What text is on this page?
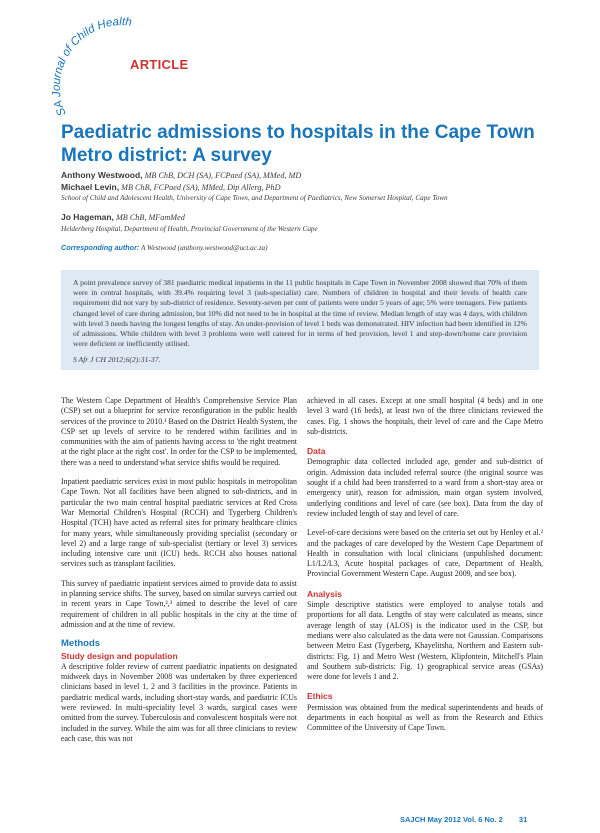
SA Journal of Child Health
ARTICLE
Paediatric admissions to hospitals in the Cape Town Metro district: A survey
Anthony Westwood, MB ChB, DCH (SA), FCPaed (SA), MMed, MD
Michael Levin, MB ChB, FCPaed (SA), MMed, Dip Allerg, PhD
School of Child and Adolescent Health, University of Cape Town, and Department of Paediatrics, New Somerset Hospital, Cape Town
Jo Hageman, MB ChB, MFamMed
Helderberg Hospital, Department of Health, Provincial Government of the Western Cape
Corresponding author: A Westwood (anthony.westwood@uct.ac.za)
A point prevalence survey of 381 paediatric medical inpatients in the 11 public hospitals in Cape Town in November 2008 showed that 70% of them were in central hospitals, with 39.4% requiring level 3 (sub-specialist) care. Numbers of children in hospital and their levels of health care requirement did not vary by sub-district of residence. Seventy-seven per cent of patients were under 5 years of age; 5% were teenagers. Few patients changed level of care during admission, but 10% did not need to be in hospital at the time of review. Median length of stay was 4 days, with children with level 3 needs having the longest lengths of stay. An under-provision of level 1 beds was demonstrated. HIV infection had been identified in 12% of admissions. While children with level 3 problems were well catered for in terms of bed provision, level 1 and step-down/home care provision were deficient or inefficiently utilised.
S Afr J CH 2012;6(2):31-37.

The Western Cape Department of Health's Comprehensive Service Plan (CSP) set out a blueprint for service reconfiguration in the public health services of the province to 2010.¹ Based on the District Health System, the CSP set up levels of service to be rendered within facilities and in communities with the aim of patients having access to 'the right treatment at the right place at the right cost'. In order for the CSP to be implemented, there was a need to understand what service shifts would be required.

Inpatient paediatric services exist in most public hospitals in metropolitan Cape Town. Not all facilities have been aligned to sub-districts, and in particular the two main central hospital paediatric services at Red Cross War Memorial Children's Hospital (RCCH) and Tygerberg Children's Hospital (TCH) have acted as referral sites for primary healthcare clinics for many years, while simultaneously providing specialist (secondary or level 2) and a large range of sub-specialist (tertiary or level 3) services including intensive care unit (ICU) beds. RCCH also houses national services such as transplant facilities.

This survey of paediatric inpatient services aimed to provide data to assist in planning service shifts. The survey, based on similar surveys carried out in recent years in Cape Town,²,³ aimed to describe the level of care requirement of children in all public hospitals in the city at the time of admission and at the time of review.

Methods
Study design and population

A descriptive folder review of current paediatric inpatients on designated midweek days in November 2008 was undertaken by three experienced clinicians based in level 1, 2 and 3 facilities in the province. Patients in paediatric medical wards, including short-stay wards, and paediatric ICUs were reviewed. In multi-speciality level 3 wards, surgical cases were omitted from the survey. Tuberculosis and convalescent hospitals were not included in the survey. While the aim was for all three clinicians to review each case, this was not

achieved in all cases. Except at one small hospital (4 beds) and in one level 3 ward (16 beds), at least two of the three clinicians reviewed the cases. Fig. 1 shows the hospitals, their level of care and the Cape Metro sub-districts.

Data

Demographic data collected included age, gender and sub-district of origin. Admission data included referral source (the original source was sought if a child had been transferred to a ward from a short-stay area or emergency unit), reason for admission, main organ system involved, underlying conditions and level of care (see box). Data from the day of review included length of stay and level of care.

Level-of-care decisions were based on the criteria set out by Henley et al.² and the packages of care developed by the Western Cape Department of Health in consultation with local clinicians (unpublished document: L1/L2/L3, Acute hospital packages of care, Department of Health, Provincial Government Western Cape. August 2009, and see box).

Analysis

Simple descriptive statistics were employed to analyse totals and proportions for all data. Lengths of stay were calculated as means, since average length of stay (ALOS) is the indicator used in the CSP, but medians were also calculated as the data were not Gaussian. Comparisons between Metro East (Tygerberg, Khayelitsha, Northern and Eastern sub-districts: Fig. 1) and Metro West (Western, Klipfontein, Mitchell's Plain and Southern sub-districts: Fig. 1) geographical service areas (GSAs) were done for levels 1 and 2.

Ethics

Permission was obtained from the medical superintendents and heads of departments in each hospital as well as from the Research and Ethics Committee of the University of Cape Town.

SAJCH May 2012 Vol. 6 No. 2 31
